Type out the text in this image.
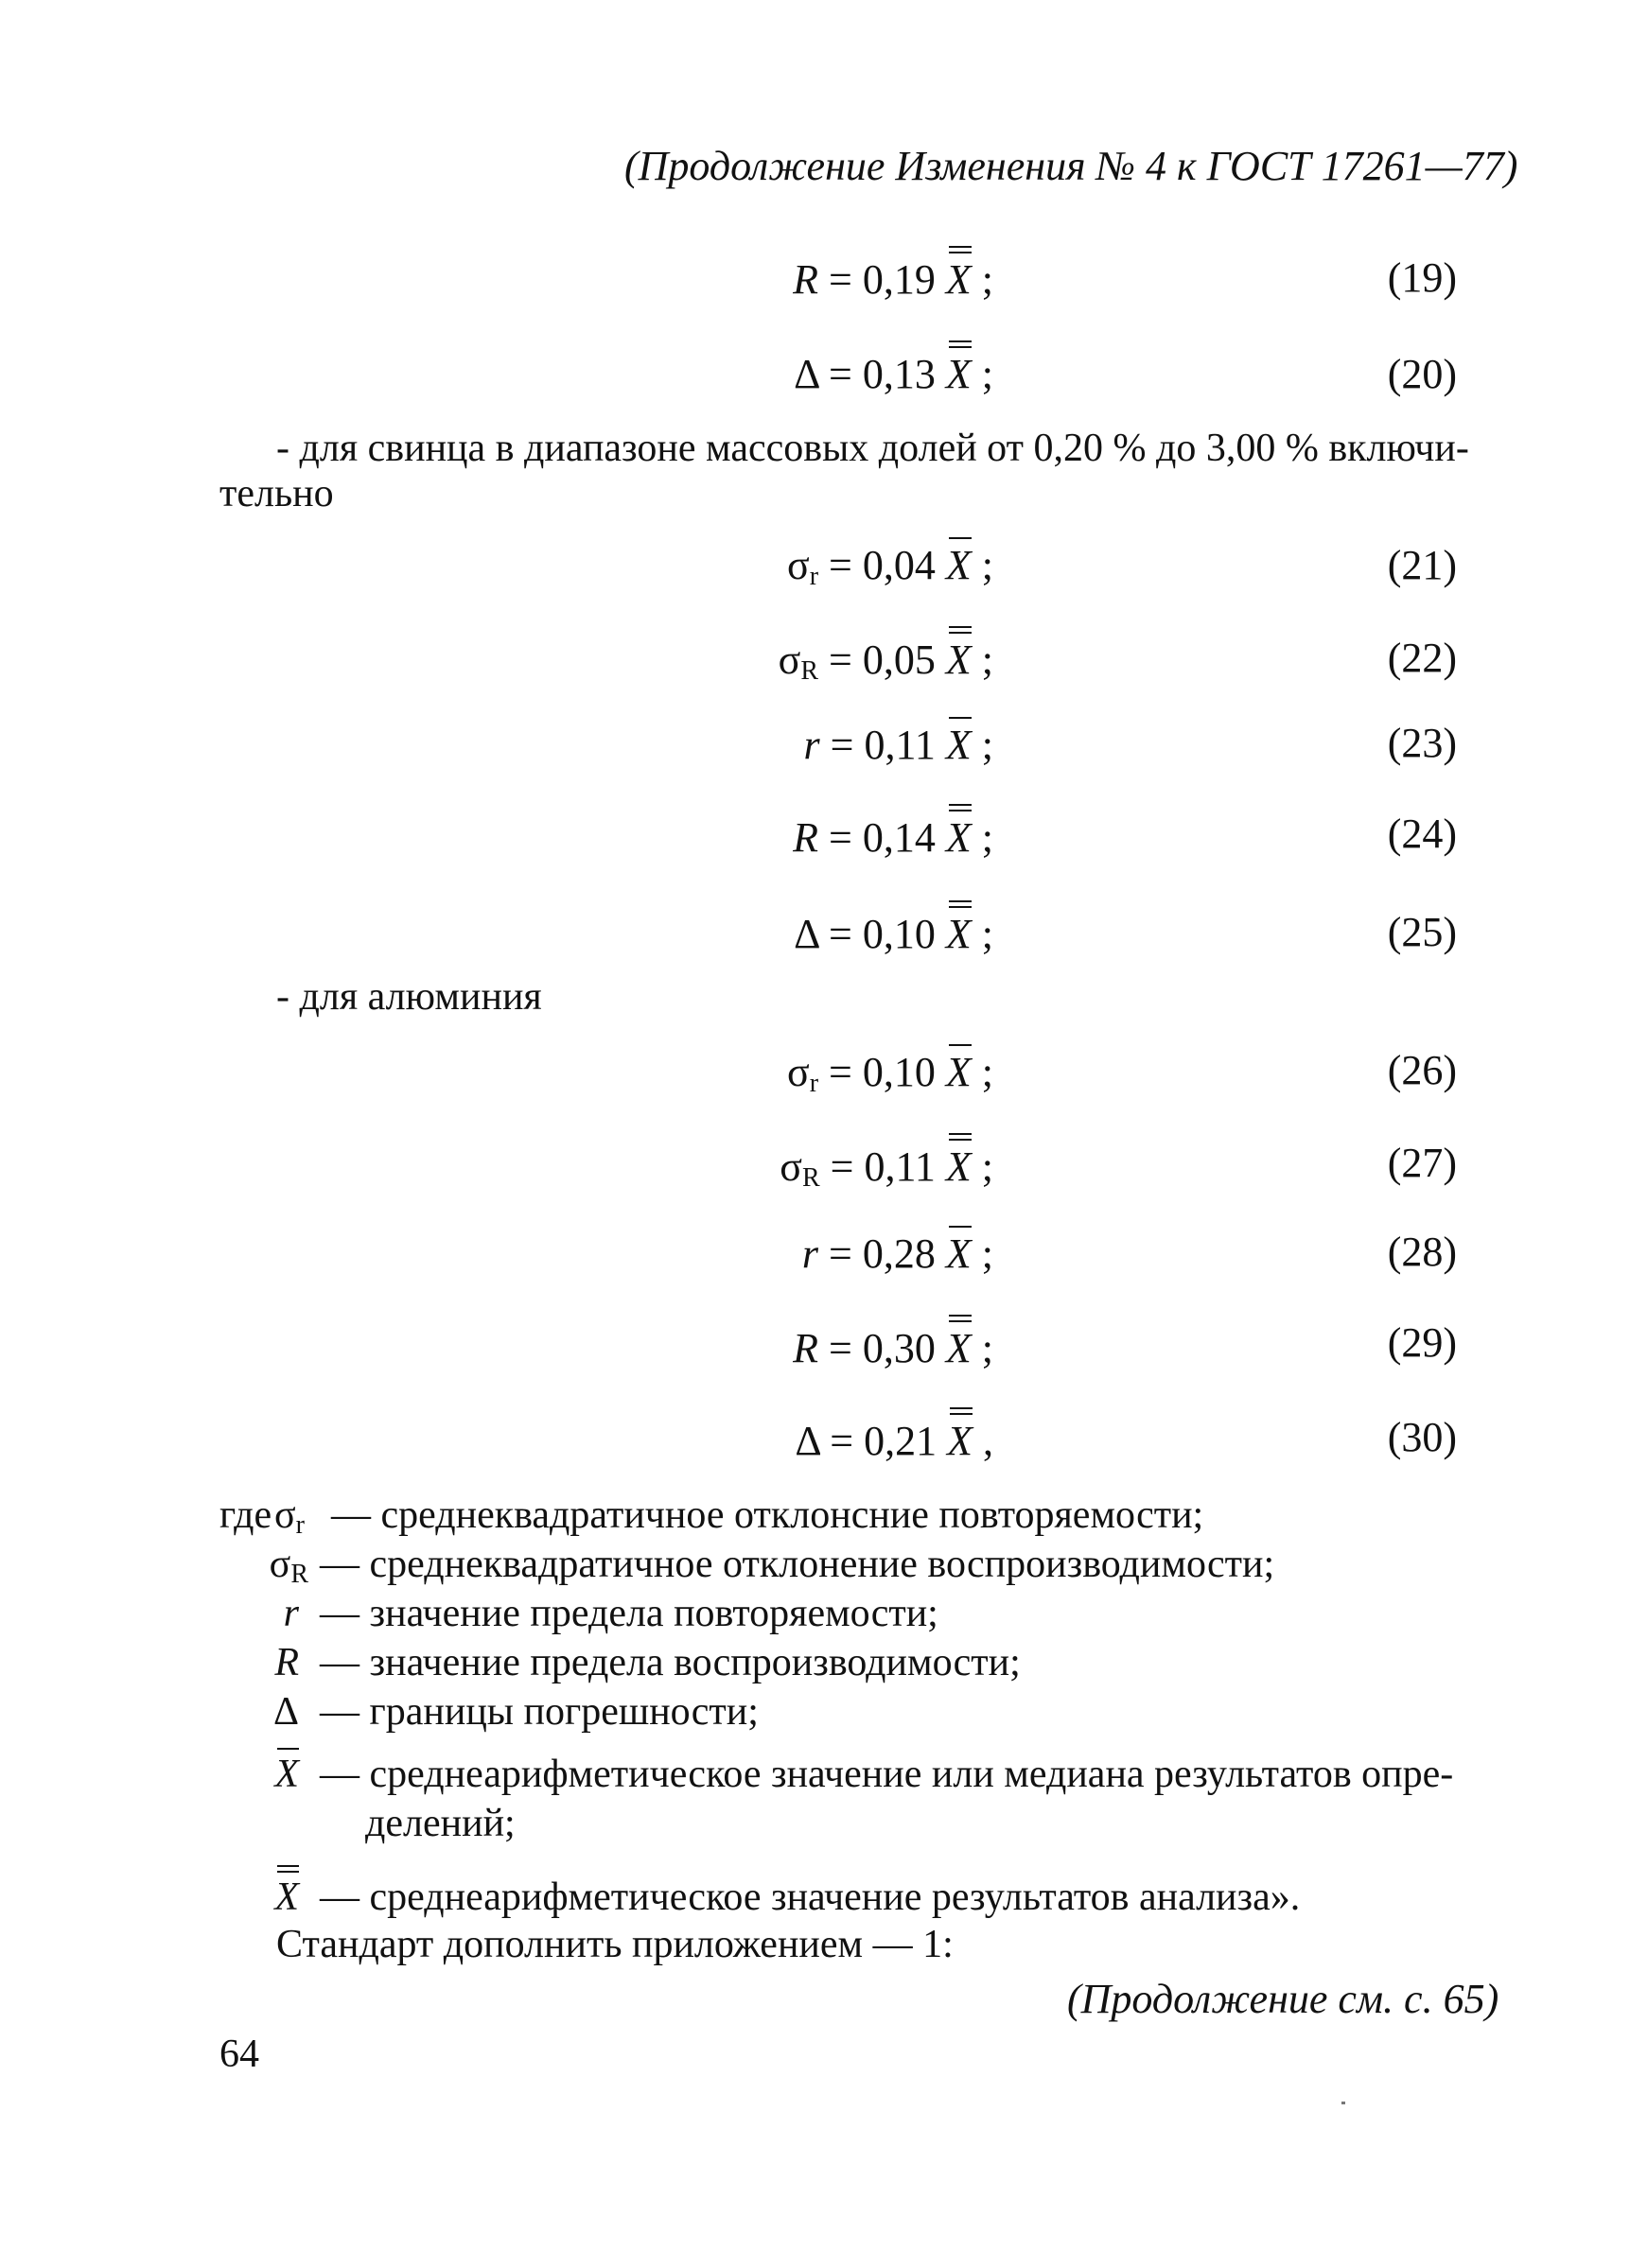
(Продолжение Изменения № 4 к ГОСТ 17261—77)
R = 0,19 X ;	(19)
Δ = 0,13 X ;	(20)
- для свинца в диапазоне массовых долей от 0,20 % до 3,00 % включи-
тельно
$\sigma_r = 0,04$ X ;	(21)
$\sigma_R = 0,05$ X ;	(22)
r = 0,11 X ;	(23)
R = 0,14 X ;	(24)
Δ = 0,10 X ;	(25)
- для алюминия
$\sigma_r = 0,10$ X ;	(26)
$\sigma_R = 0,11$ X ;	(27)
r = 0,28 X ;	(28)
R = 0,30 X ;	(29)
Δ = 0,21 X ,	(30)
где $\sigma_r$ — среднеквадратичное отклонсние повторяемости;
$\sigma_R$ — среднеквадратичное отклонение воспроизводимости;
r — значение предела повторяемости;
R — значение предела воспроизводимости;
Δ — границы погрешности;
X — среднеарифметическое значение или медиана результатов опре-
делений;
X — среднеарифметическое значение результатов анализа».
Стандарт дополнить приложением — 1:
(Продолжение см. с. 65)
64
